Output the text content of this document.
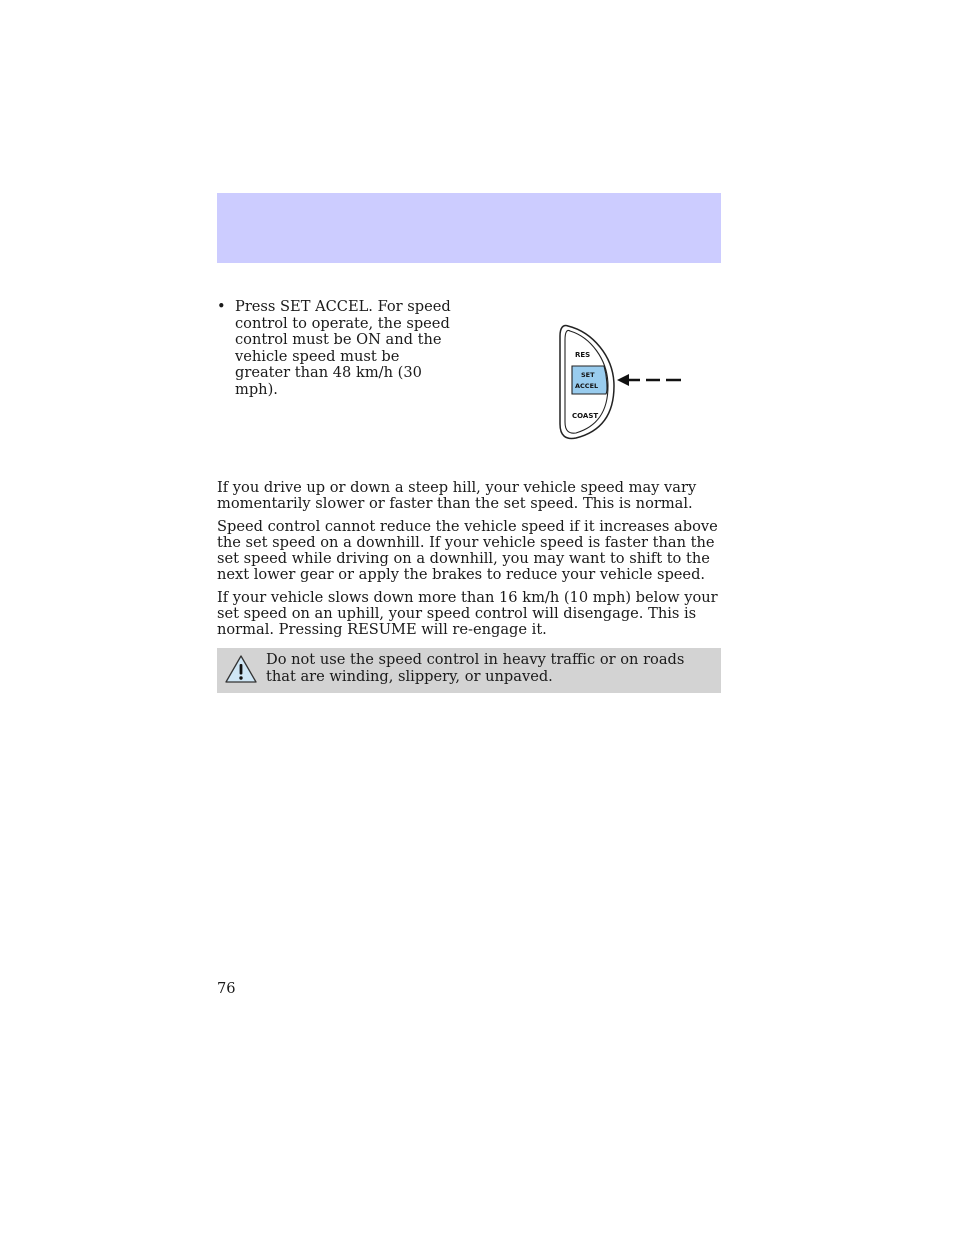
• Press SET ACCEL. For speed control to operate, the speed control must be ON and the vehicle speed must be greater than 48 km/h (30 mph).
RES
SET
ACCEL
COAST

If you drive up or down a steep hill, your vehicle speed may vary momentarily slower or faster than the set speed. This is normal.

Speed control cannot reduce the vehicle speed if it increases above the set speed on a downhill. If your vehicle speed is faster than the set speed while driving on a downhill, you may want to shift to the next lower gear or apply the brakes to reduce your vehicle speed.

If your vehicle slows down more than 16 km/h (10 mph) below your set speed on an uphill, your speed control will disengage. This is normal. Pressing RESUME will re-engage it.

Do not use the speed control in heavy traffic or on roads that are winding, slippery, or unpaved.
76
